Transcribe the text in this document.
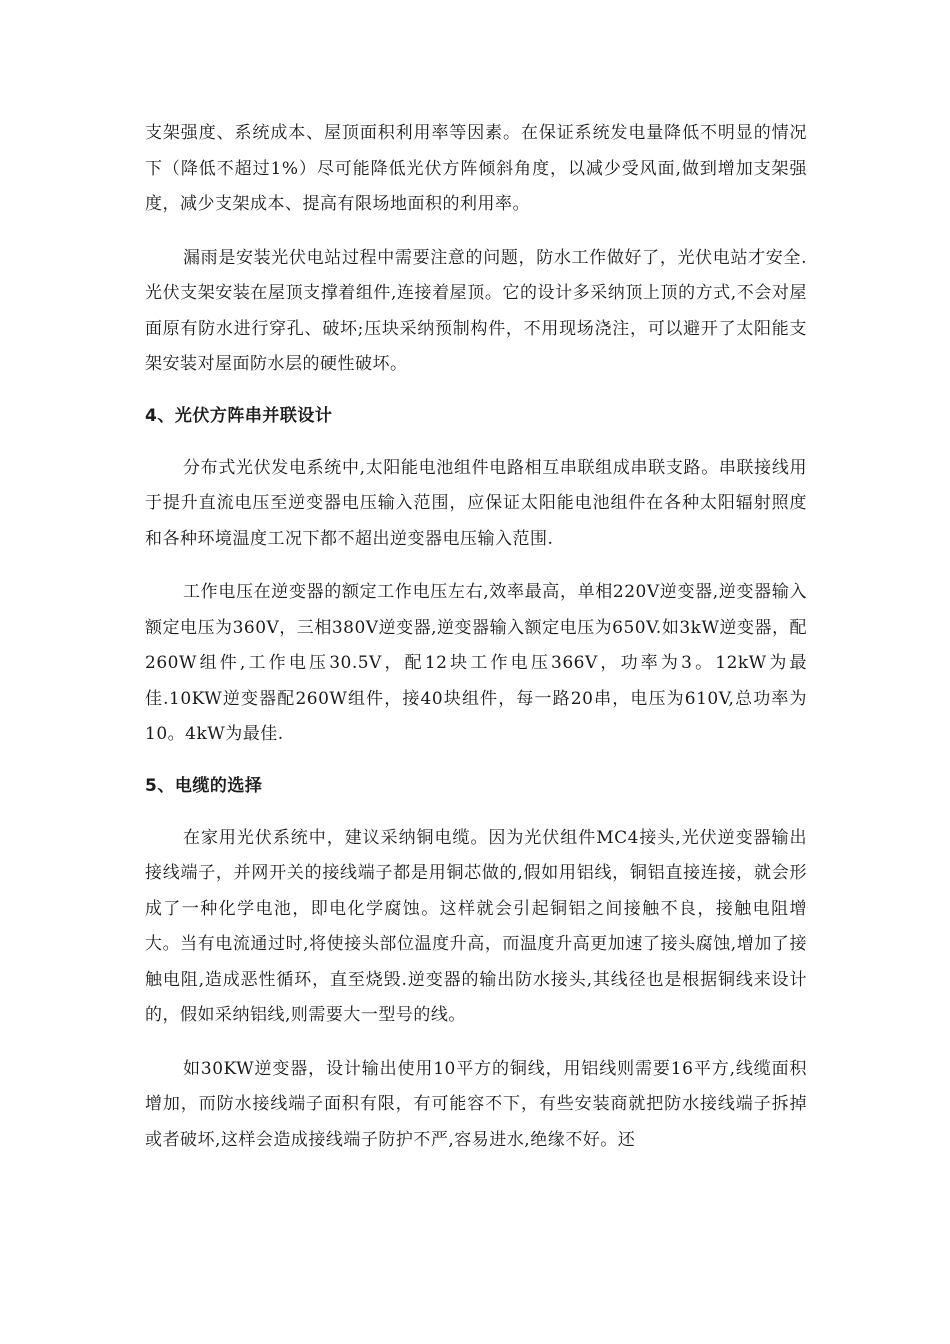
支架强度、系统成本、屋顶面积利用率等因素。在保证系统发电量降低不明显的情况下（降低不超过1%）尽可能降低光伏方阵倾斜角度，以减少受风面,做到增加支架强度，减少支架成本、提高有限场地面积的利用率。

漏雨是安装光伏电站过程中需要注意的问题，防水工作做好了，光伏电站才安全.光伏支架安装在屋顶支撑着组件,连接着屋顶。它的设计多采纳顶上顶的方式,不会对屋面原有防水进行穿孔、破坏;压块采纳预制构件，不用现场浇注，可以避开了太阳能支架安装对屋面防水层的硬性破坏。

4、光伏方阵串并联设计

分布式光伏发电系统中,太阳能电池组件电路相互串联组成串联支路。串联接线用于提升直流电压至逆变器电压输入范围，应保证太阳能电池组件在各种太阳辐射照度和各种环境温度工况下都不超出逆变器电压输入范围.

工作电压在逆变器的额定工作电压左右,效率最高，单相220V逆变器,逆变器输入额定电压为360V，三相380V逆变器,逆变器输入额定电压为650V.如3kW逆变器，配260W组件,工作电压30.5V，配12块工作电压366V，功率为3。12kW为最佳.10KW逆变器配260W组件，接40块组件，每一路20串，电压为610V,总功率为10。4kW为最佳.

5、电缆的选择

在家用光伏系统中，建议采纳铜电缆。因为光伏组件MC4接头,光伏逆变器输出接线端子，并网开关的接线端子都是用铜芯做的,假如用铝线，铜铝直接连接，就会形成了一种化学电池，即电化学腐蚀。这样就会引起铜铝之间接触不良，接触电阻增大。当有电流通过时,将使接头部位温度升高，而温度升高更加速了接头腐蚀,增加了接触电阻,造成恶性循环，直至烧毁.逆变器的输出防水接头,其线径也是根据铜线来设计的，假如采纳铝线,则需要大一型号的线。

如30KW逆变器，设计输出使用10平方的铜线，用铝线则需要16平方,线缆面积增加，而防水接线端子面积有限，有可能容不下，有些安装商就把防水接线端子拆掉或者破坏,这样会造成接线端子防护不严,容易进水,绝缘不好。还
